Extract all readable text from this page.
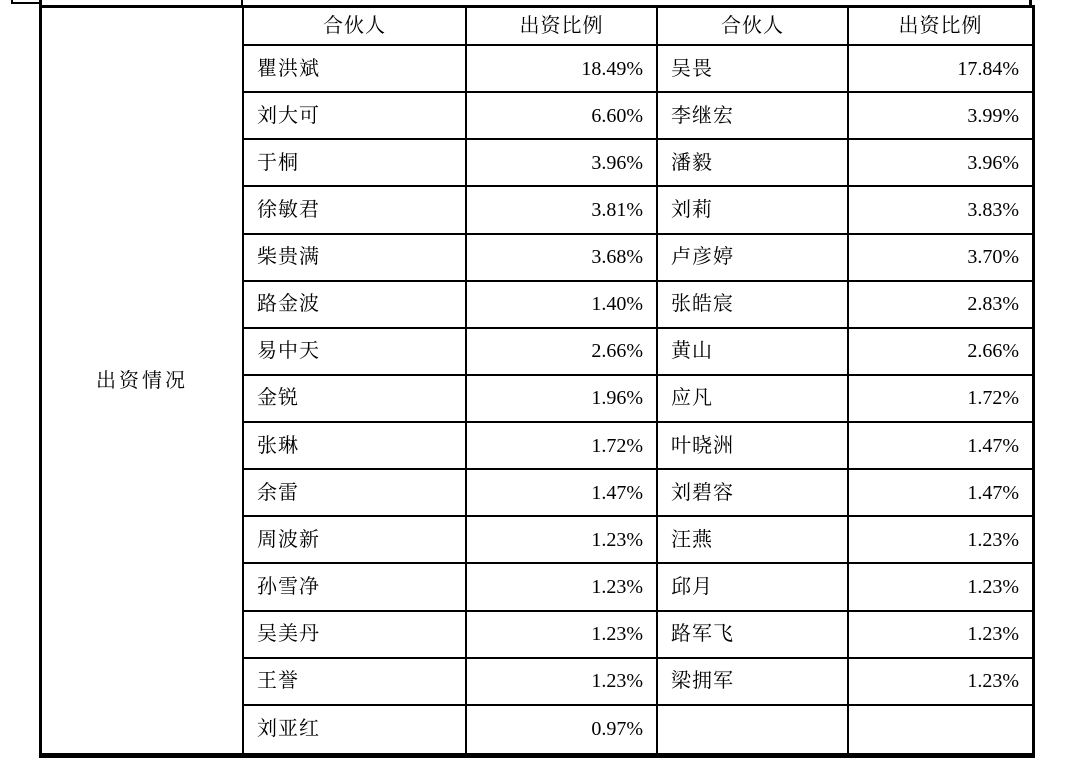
出资情况
合伙人	出资比例	合伙人	出资比例
瞿洪斌	18.49%	吴畏	17.84%
刘大可	6.60%	李继宏	3.99%
于桐	3.96%	潘毅	3.96%
徐敏君	3.81%	刘莉	3.83%
柴贵满	3.68%	卢彦婷	3.70%
路金波	1.40%	张皓宸	2.83%
易中天	2.66%	黄山	2.66%
金锐	1.96%	应凡	1.72%
张琳	1.72%	叶晓洲	1.47%
余雷	1.47%	刘碧容	1.47%
周波新	1.23%	汪燕	1.23%
孙雪净	1.23%	邱月	1.23%
吴美丹	1.23%	路军飞	1.23%
王誉	1.23%	梁拥军	1.23%
刘亚红	0.97%
